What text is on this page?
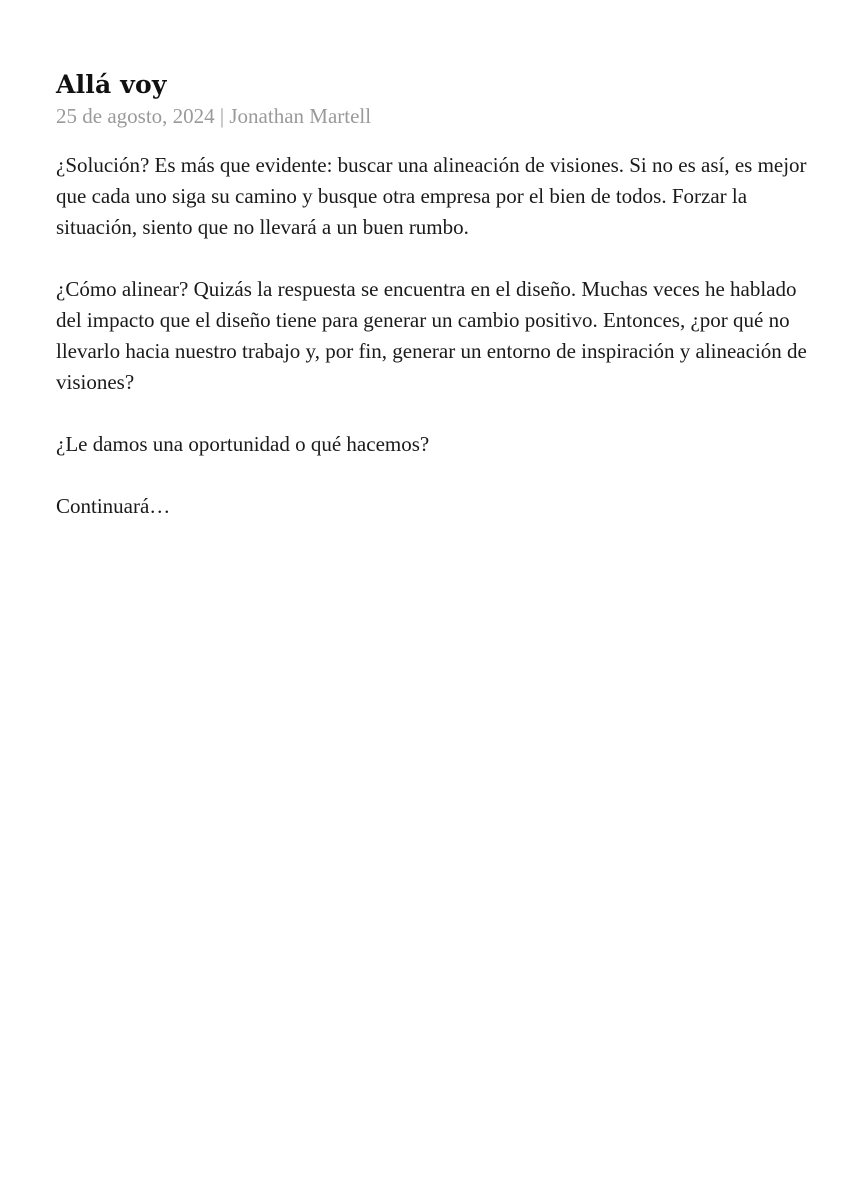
Allá voy
25 de agosto, 2024 | Jonathan Martell

¿Solución? Es más que evidente: buscar una alineación de visiones. Si no es así, es mejor que cada uno siga su camino y busque otra empresa por el bien de todos. Forzar la situación, siento que no llevará a un buen rumbo.

¿Cómo alinear? Quizás la respuesta se encuentra en el diseño. Muchas veces he hablado del impacto que el diseño tiene para generar un cambio positivo. Entonces, ¿por qué no llevarlo hacia nuestro trabajo y, por fin, generar un entorno de inspiración y alineación de visiones?

¿Le damos una oportunidad o qué hacemos?

Continuará…
